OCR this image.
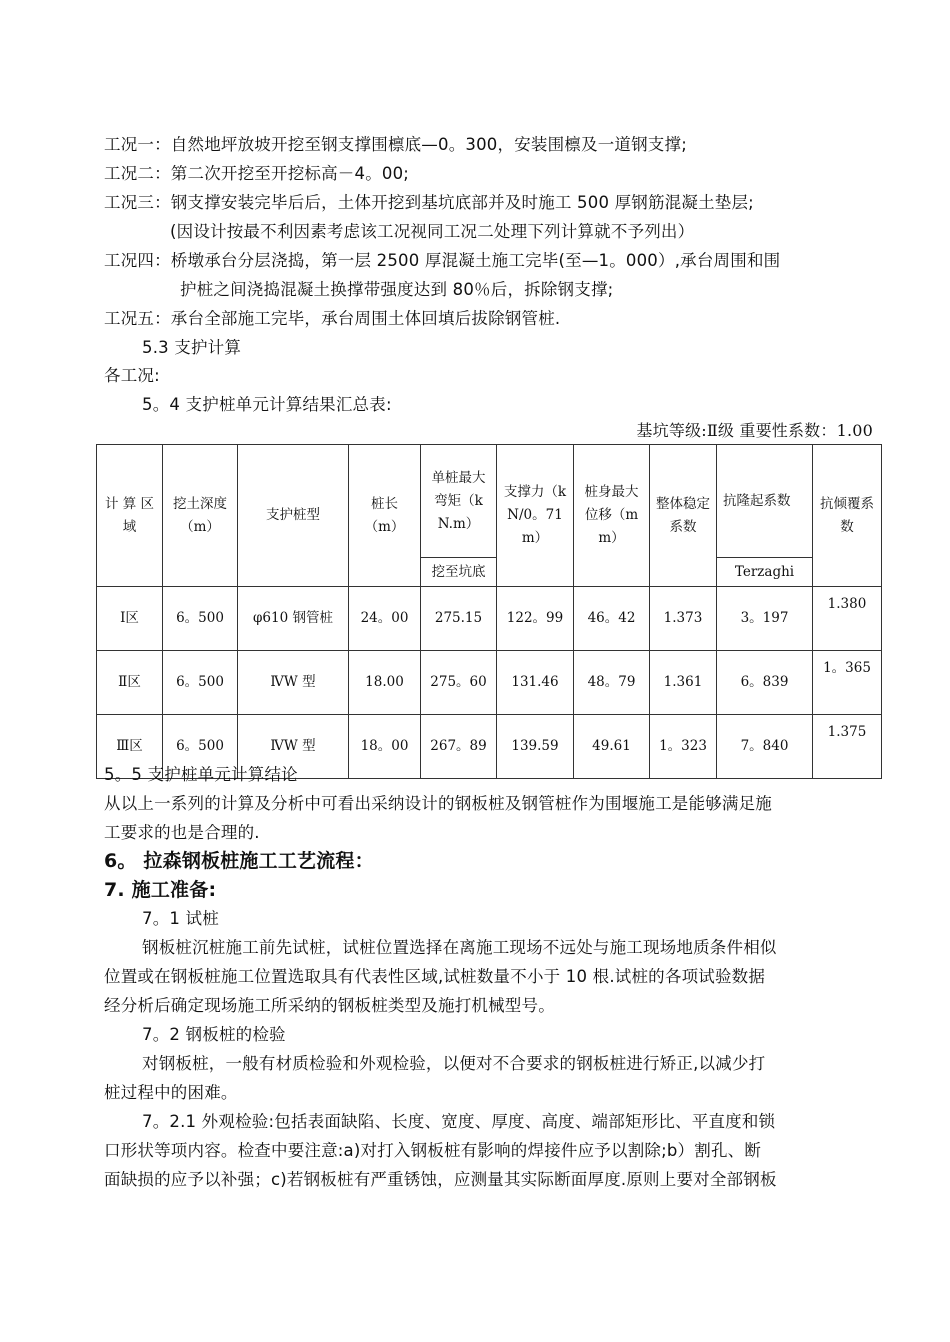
工况一：自然地坪放坡开挖至钢支撑围檩底—0。300，安装围檩及一道钢支撑;
工况二：第二次开挖至开挖标高－4。00;
工况三：钢支撑安装完毕后后，土体开挖到基坑底部并及时施工 500 厚钢筋混凝土垫层;
(因设计按最不利因素考虑该工况视同工况二处理下列计算就不予列出）
工况四：桥墩承台分层浇捣，第一层 2500 厚混凝土施工完毕(至—1。000）,承台周围和围
护桩之间浇捣混凝土换撑带强度达到 80％后，拆除钢支撑;
工况五：承台全部施工完毕，承台周围土体回填后拔除钢管桩.
5.3 支护计算
各工况:
5。4 支护桩单元计算结果汇总表:
基坑等级:Ⅱ级 重要性系数：1.00
计 算 区域	挖土深度（m）	支护桩型	桩长（m）	单桩最大弯矩（kN.m）	支撑力（kN/0。71m）	桩身最大位移（mm）	整体稳定系数	抗隆起系数	抗倾覆系数
				挖至坑底				Terzaghi	
Ⅰ区	6。500	φ610 钢管桩	24。00	275.15	122。99	46。42	1.373	3。197	1.380
Ⅱ区	6。500	ⅣW 型	18.00	275。60	131.46	48。79	1.361	6。839	1。365
Ⅲ区	6。500	ⅣW 型	18。00	267。89	139.59	49.61	1。323	7。840	1.375
5。5 支护桩单元计算结论
从以上一系列的计算及分析中可看出采纳设计的钢板桩及钢管桩作为围堰施工是能够满足施
工要求的也是合理的.
6。 拉森钢板桩施工工艺流程：
7. 施工准备:
7。1 试桩
钢板桩沉桩施工前先试桩，试桩位置选择在离施工现场不远处与施工现场地质条件相似
位置或在钢板桩施工位置选取具有代表性区域,试桩数量不小于 10 根.试桩的各项试验数据
经分析后确定现场施工所采纳的钢板桩类型及施打机械型号。
7。2 钢板桩的检验
对钢板桩，一般有材质检验和外观检验，以便对不合要求的钢板桩进行矫正,以减少打
桩过程中的困难。
7。2.1 外观检验:包括表面缺陷、长度、宽度、厚度、高度、端部矩形比、平直度和锁
口形状等项内容。检查中要注意:a)对打入钢板桩有影响的焊接件应予以割除;b）割孔、断
面缺损的应予以补强；c)若钢板桩有严重锈蚀，应测量其实际断面厚度.原则上要对全部钢板
